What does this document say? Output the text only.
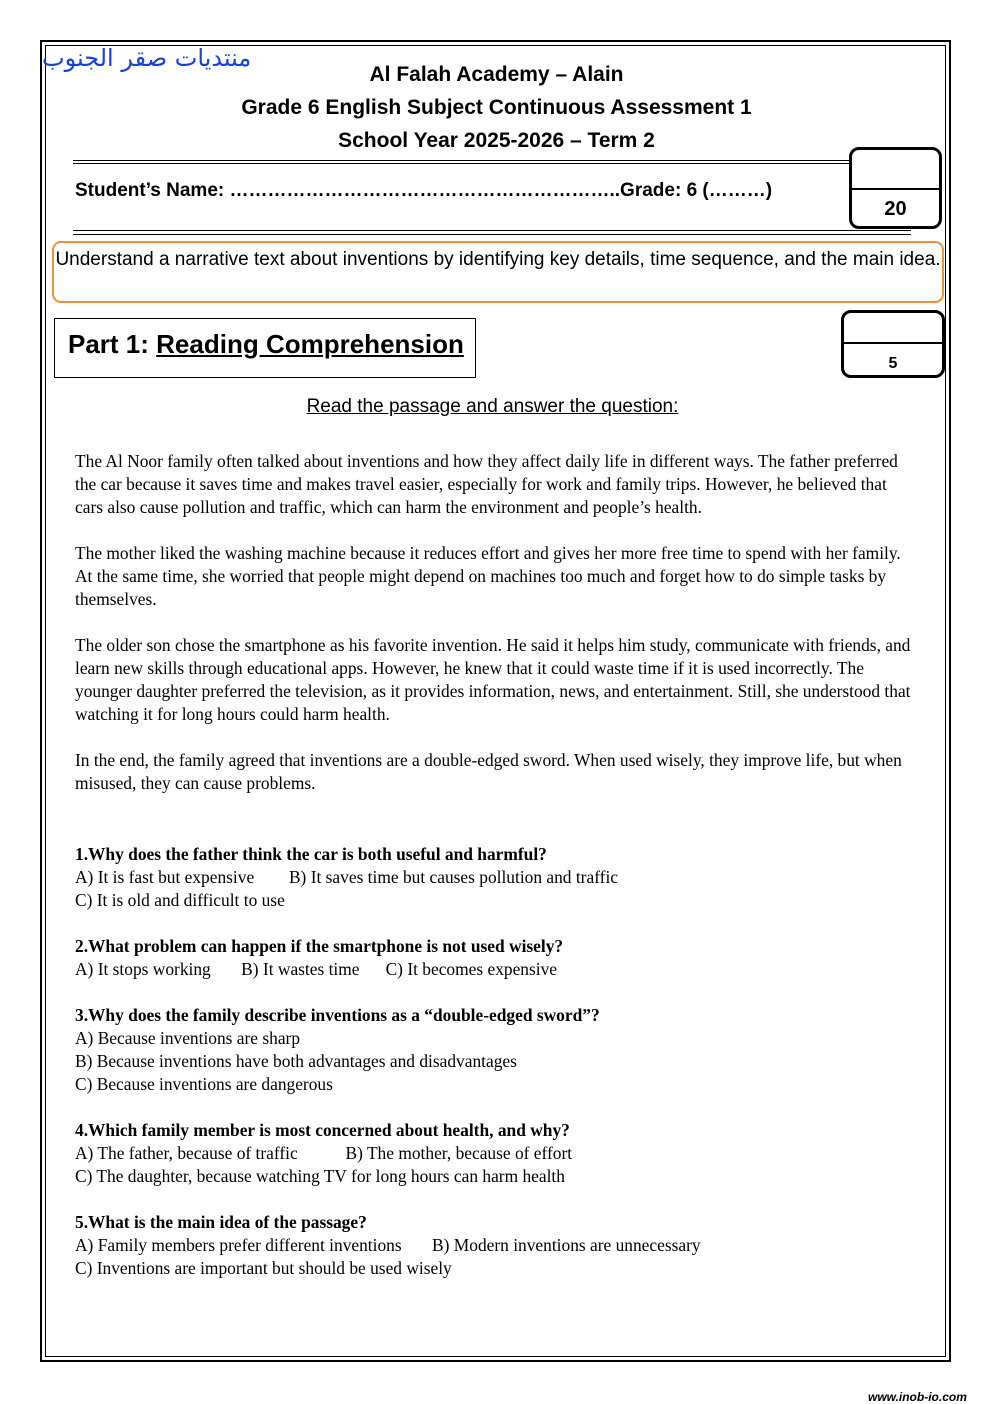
منتديات صقر الجنوب
Al Falah Academy – Alain
Grade 6 English Subject Continuous Assessment 1
School Year 2025-2026 – Term 2
Student’s Name: ……………………………………………………..Grade: 6 (………)
20
Understand a narrative text about inventions by identifying key details, time sequence, and the main idea.
Part 1: Reading Comprehension
5
Read the passage and answer the question:

The Al Noor family often talked about inventions and how they affect daily life in different ways. The father preferred the car because it saves time and makes travel easier, especially for work and family trips. However, he believed that cars also cause pollution and traffic, which can harm the environment and people’s health.

The mother liked the washing machine because it reduces effort and gives her more free time to spend with her family. At the same time, she worried that people might depend on machines too much and forget how to do simple tasks by themselves.

The older son chose the smartphone as his favorite invention. He said it helps him study, communicate with friends, and learn new skills through educational apps. However, he knew that it could waste time if it is used incorrectly. The younger daughter preferred the television, as it provides information, news, and entertainment. Still, she understood that watching it for long hours could harm health.

In the end, the family agreed that inventions are a double-edged sword. When used wisely, they improve life, but when misused, they can cause problems.

1.Why does the father think the car is both useful and harmful?
A) It is fast but expensive        B) It saves time but causes pollution and traffic
C) It is old and difficult to use
2.What problem can happen if the smartphone is not used wisely?
A) It stops working       B) It wastes time      C) It becomes expensive
3.Why does the family describe inventions as a “double-edged sword”?
A) Because inventions are sharp
B) Because inventions have both advantages and disadvantages
C) Because inventions are dangerous
4.Which family member is most concerned about health, and why?
A) The father, because of traffic           B) The mother, because of effort
C) The daughter, because watching TV for long hours can harm health
5.What is the main idea of the passage?
A) Family members prefer different inventions       B) Modern inventions are unnecessary
C) Inventions are important but should be used wisely
www.inob-io.com
